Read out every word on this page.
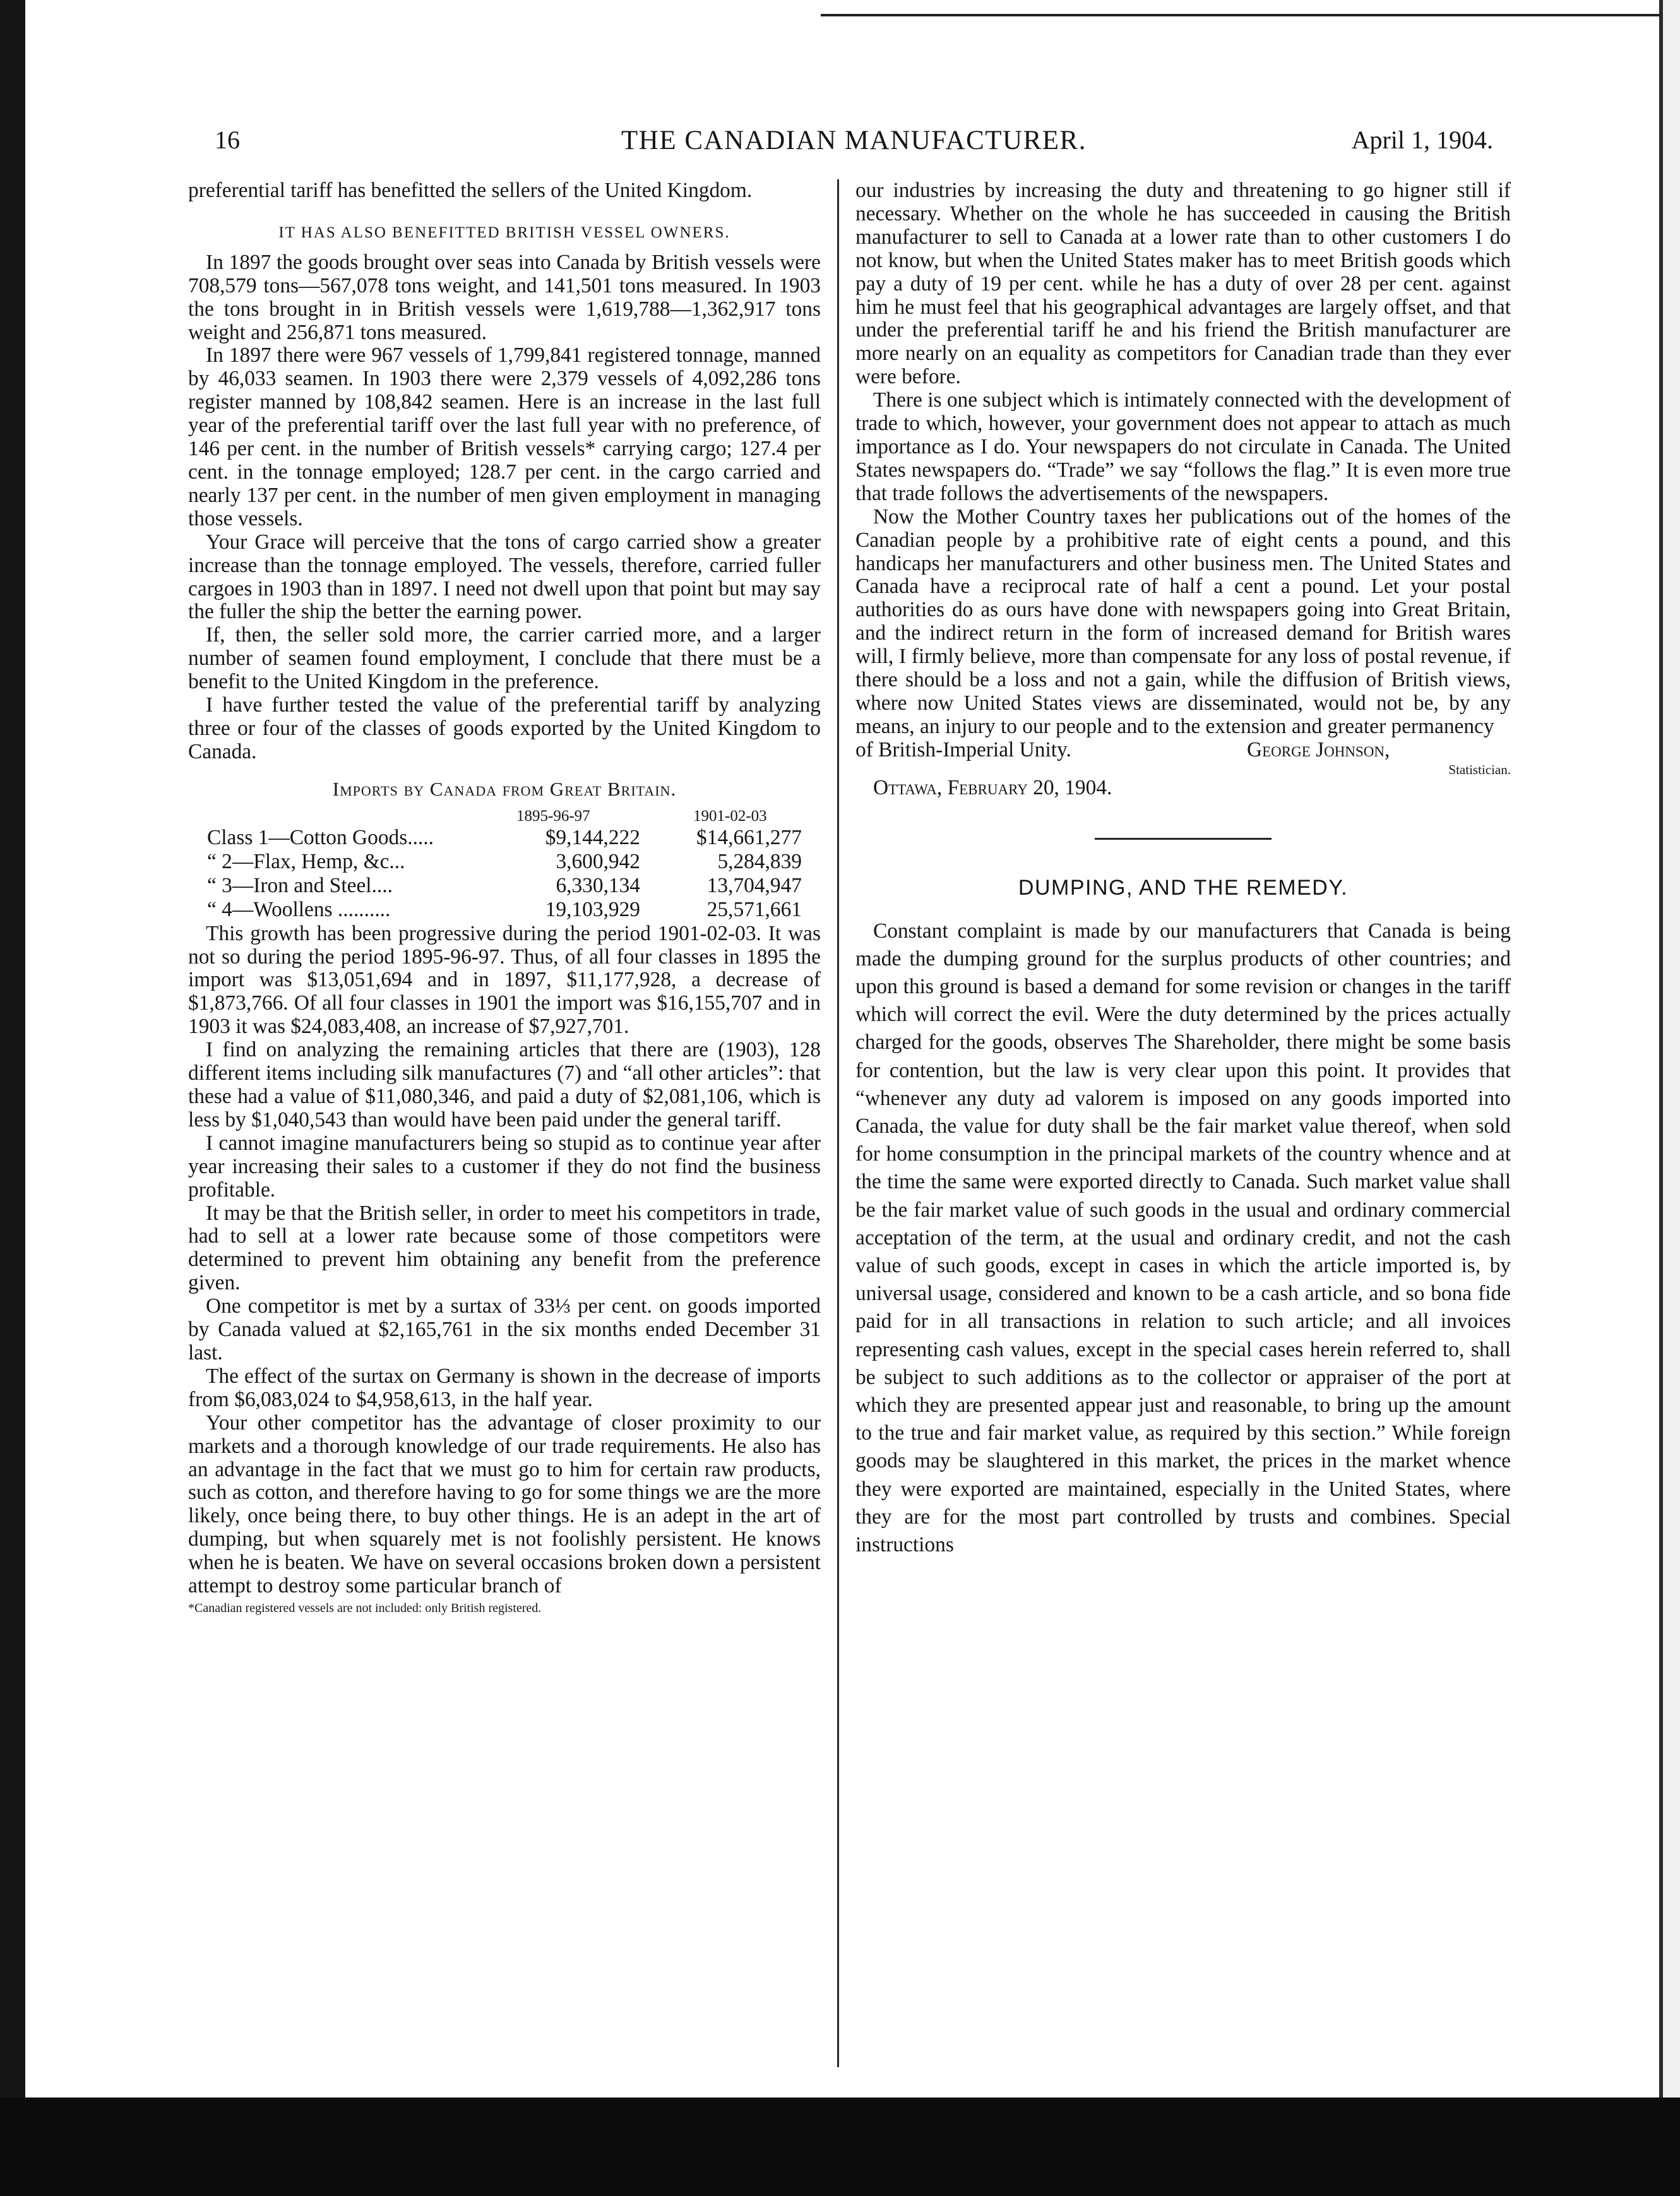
16	THE CANADIAN MANUFACTURER.	April 1, 1904.

preferential tariff has benefitted the sellers of the United Kingdom.

IT HAS ALSO BENEFITTED BRITISH VESSEL OWNERS.

In 1897 the goods brought over seas into Canada by British vessels were 708,579 tons—567,078 tons weight, and 141,501 tons measured. In 1903 the tons brought in in British vessels were 1,619,788—1,362,917 tons weight and 256,871 tons measured.

In 1897 there were 967 vessels of 1,799,841 registered tonnage, manned by 46,033 seamen. In 1903 there were 2,379 vessels of 4,092,286 tons register manned by 108,842 seamen. Here is an increase in the last full year of the preferential tariff over the last full year with no preference, of 146 per cent. in the number of British vessels* carrying cargo; 127.4 per cent. in the tonnage employed; 128.7 per cent. in the cargo carried and nearly 137 per cent. in the number of men given employment in managing those vessels.

Your Grace will perceive that the tons of cargo carried show a greater increase than the tonnage employed. The vessels, therefore, carried fuller cargoes in 1903 than in 1897. I need not dwell upon that point but may say the fuller the ship the better the earning power.

If, then, the seller sold more, the carrier carried more, and a larger number of seamen found employment, I conclude that there must be a benefit to the United Kingdom in the preference.

I have further tested the value of the preferential tariff by analyzing three or four of the classes of goods exported by the United Kingdom to Canada.

Imports by Canada from Great Britain.
1895-96-97	1901-02-03
Class 1—Cotton Goods.....	$9,144,222	$14,661,277
“ 2—Flax, Hemp, &c...	3,600,942	5,284,839
“ 3—Iron and Steel....	6,330,134	13,704,947
“ 4—Woollens ..........	19,103,929	25,571,661

This growth has been progressive during the period 1901-02-03. It was not so during the period 1895-96-97. Thus, of all four classes in 1895 the import was $13,051,694 and in 1897, $11,177,928, a decrease of $1,873,766. Of all four classes in 1901 the import was $16,155,707 and in 1903 it was $24,083,408, an increase of $7,927,701.

I find on analyzing the remaining articles that there are (1903), 128 different items including silk manufactures (7) and “all other articles”: that these had a value of $11,080,346, and paid a duty of $2,081,106, which is less by $1,040,543 than would have been paid under the general tariff.

I cannot imagine manufacturers being so stupid as to continue year after year increasing their sales to a customer if they do not find the business profitable.

It may be that the British seller, in order to meet his competitors in trade, had to sell at a lower rate because some of those competitors were determined to prevent him obtaining any benefit from the preference given.

One competitor is met by a surtax of 33⅓ per cent. on goods imported by Canada valued at $2,165,761 in the six months ended December 31 last.

The effect of the surtax on Germany is shown in the decrease of imports from $6,083,024 to $4,958,613, in the half year.

Your other competitor has the advantage of closer proximity to our markets and a thorough knowledge of our trade requirements. He also has an advantage in the fact that we must go to him for certain raw products, such as cotton, and therefore having to go for some things we are the more likely, once being there, to buy other things. He is an adept in the art of dumping, but when squarely met is not foolishly persistent. He knows when he is beaten. We have on several occasions broken down a persistent attempt to destroy some particular branch of

*Canadian registered vessels are not included: only British registered.

our industries by increasing the duty and threatening to go higner still if necessary. Whether on the whole he has succeeded in causing the British manufacturer to sell to Canada at a lower rate than to other customers I do not know, but when the United States maker has to meet British goods which pay a duty of 19 per cent. while he has a duty of over 28 per cent. against him he must feel that his geographical advantages are largely offset, and that under the preferential tariff he and his friend the British manufacturer are more nearly on an equality as competitors for Canadian trade than they ever were before.

There is one subject which is intimately connected with the development of trade to which, however, your government does not appear to attach as much importance as I do. Your newspapers do not circulate in Canada. The United States newspapers do. “Trade” we say “follows the flag.” It is even more true that trade follows the advertisements of the newspapers.

Now the Mother Country taxes her publications out of the homes of the Canadian people by a prohibitive rate of eight cents a pound, and this handicaps her manufacturers and other business men. The United States and Canada have a reciprocal rate of half a cent a pound. Let your postal authorities do as ours have done with newspapers going into Great Britain, and the indirect return in the form of increased demand for British wares will, I firmly believe, more than compensate for any loss of postal revenue, if there should be a loss and not a gain, while the diffusion of British views, where now United States views are disseminated, would not be, by any means, an injury to our people and to the extension and greater permanency

of British-Imperial Unity.	George Johnson,
Statistician.

Ottawa, February 20, 1904.

DUMPING, AND THE REMEDY.

Constant complaint is made by our manufacturers that Canada is being made the dumping ground for the surplus products of other countries; and upon this ground is based a demand for some revision or changes in the tariff which will correct the evil. Were the duty determined by the prices actually charged for the goods, observes The Shareholder, there might be some basis for contention, but the law is very clear upon this point. It provides that “whenever any duty ad valorem is imposed on any goods imported into Canada, the value for duty shall be the fair market value thereof, when sold for home consumption in the principal markets of the country whence and at the time the same were exported directly to Canada. Such market value shall be the fair market value of such goods in the usual and ordinary commercial acceptation of the term, at the usual and ordinary credit, and not the cash value of such goods, except in cases in which the article imported is, by universal usage, considered and known to be a cash article, and so bona fide paid for in all transactions in relation to such article; and all invoices representing cash values, except in the special cases herein referred to, shall be subject to such additions as to the collector or appraiser of the port at which they are presented appear just and reasonable, to bring up the amount to the true and fair market value, as required by this section.” While foreign goods may be slaughtered in this market, the prices in the market whence they were exported are maintained, especially in the United States, where they are for the most part controlled by trusts and combines. Special instructions
